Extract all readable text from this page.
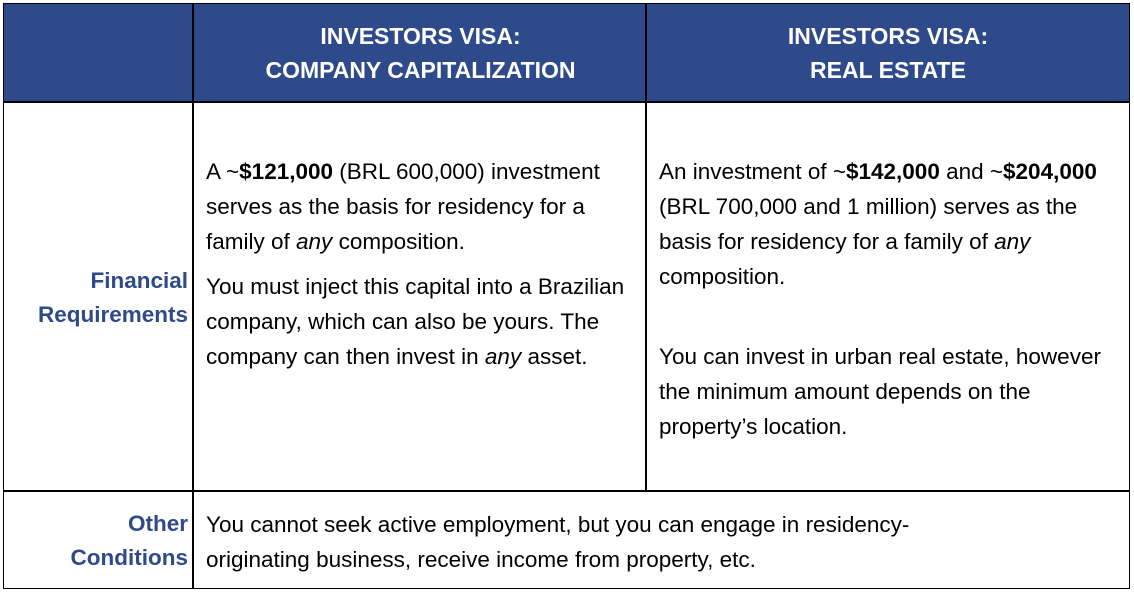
INVESTORS VISA:
COMPANY CAPITALIZATION
INVESTORS VISA:
REAL ESTATE
Financial
Requirements

A ~$121,000 (BRL 600,000) investment serves as the basis for residency for a family of any composition.

You must inject this capital into a Brazilian company, which can also be yours. The company can then invest in any asset.

An investment of ~$142,000 and ~$204,000 (BRL 700,000 and 1 million) serves as the basis for residency for a family of any composition.

You can invest in urban real estate, however the minimum amount depends on the property’s location.

Other
Conditions

You cannot seek active employment, but you can engage in residency-originating business, receive income from property, etc.
